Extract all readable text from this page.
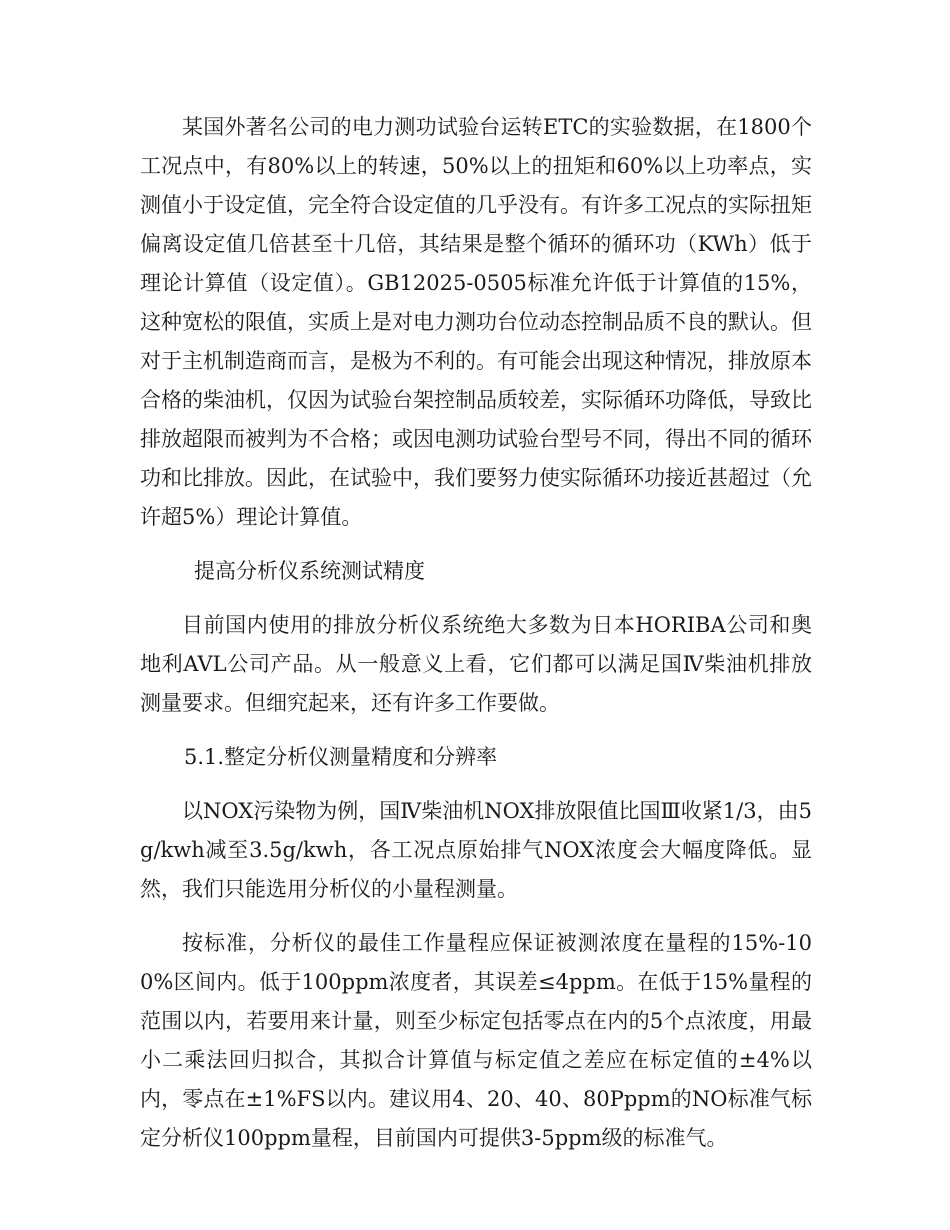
某国外著名公司的电力测功试验台运转ETC的实验数据，在1800个工况点中，有80%以上的转速，50%以上的扭矩和60%以上功率点，实测值小于设定值，完全符合设定值的几乎没有。有许多工况点的实际扭矩偏离设定值几倍甚至十几倍，其结果是整个循环的循环功（KWh）低于理论计算值（设定值）。GB12025-0505标准允许低于计算值的15%，这种宽松的限值，实质上是对电力测功台位动态控制品质不良的默认。但对于主机制造商而言，是极为不利的。有可能会出现这种情况，排放原本合格的柴油机，仅因为试验台架控制品质较差，实际循环功降低，导致比排放超限而被判为不合格；或因电测功试验台型号不同，得出不同的循环功和比排放。因此，在试验中，我们要努力使实际循环功接近甚超过（允许超5%）理论计算值。

提高分析仪系统测试精度

目前国内使用的排放分析仪系统绝大多数为日本HORIBA公司和奥地利AVL公司产品。从一般意义上看，它们都可以满足国Ⅳ柴油机排放测量要求。但细究起来，还有许多工作要做。

5.1.整定分析仪测量精度和分辨率

以NOX污染物为例，国Ⅳ柴油机NOX排放限值比国Ⅲ收紧1/3，由5g/kwh减至3.5g/kwh，各工况点原始排气NOX浓度会大幅度降低。显然，我们只能选用分析仪的小量程测量。

按标准，分析仪的最佳工作量程应保证被测浓度在量程的15%-100%区间内。低于100ppm浓度者，其误差≤4ppm。在低于15%量程的范围以内，若要用来计量，则至少标定包括零点在内的5个点浓度，用最小二乘法回归拟合，其拟合计算值与标定值之差应在标定值的±4%以内，零点在±1%FS以内。建议用4、20、40、80Pppm的NO标准气标定分析仪100ppm量程，目前国内可提供3-5ppm级的标准气。
